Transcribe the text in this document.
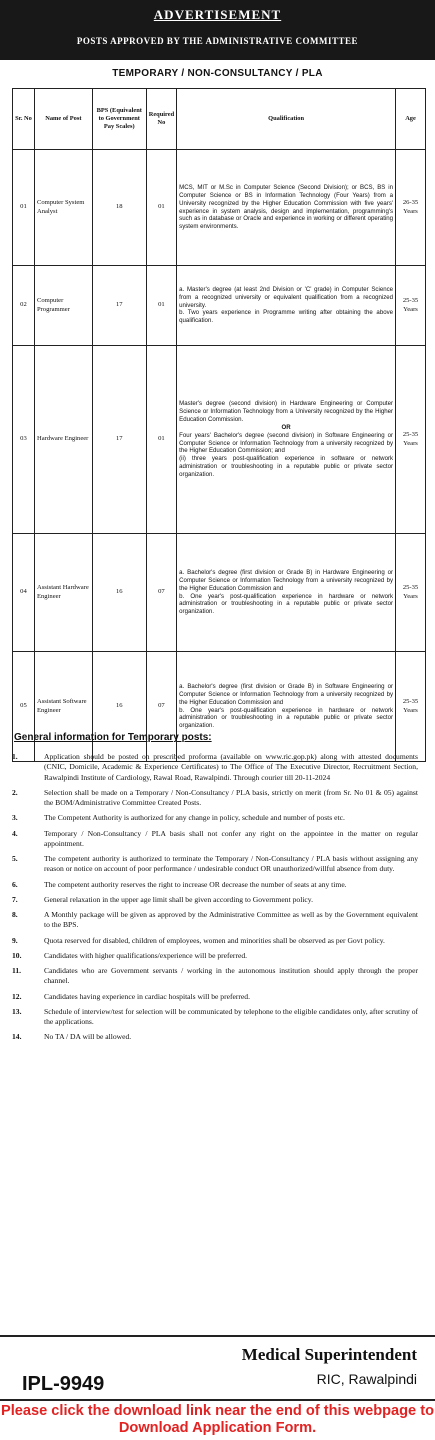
ADVERTISEMENT
POSTS APPROVED BY THE ADMINISTRATIVE COMMITTEE
TEMPORARY / NON-CONSULTANCY / PLA
Sr. No	Name of Post	BPS (Equivalent to Government Pay Scales)	Required No	Qualification	Age
01	Computer System Analyst	18	01	MCS, MIT or M.Sc in Computer Science (Second Division); or BCS, BS in Computer Science or BS in Information Technology (Four Years) from a University recognized by the Higher Education Commission with five years' experience in system analysis, design and implementation, programming's such as in database or Oracle and experience in working or different operating system environments.	26-35 Years
02	Computer Programmer	17	01	a. Master's degree (at least 2nd Division or 'C' grade) in Computer Science from a recognized university or equivalent qualification from a recognized university.
b. Two years experience in Programme writing after obtaining the above qualification.	25-35 Years
03	Hardware Engineer	17	01	Master's degree (second division) in Hardware Engineering or Computer Science or Information Technology from a University recognized by the Higher Education Commission.
OR
Four years' Bachelor's degree (second division) in Software Engineering or Computer Science or Information Technology from a university recognized by the Higher Education Commission; and
(ii) three years post-qualification experience in software or network administration or troubleshooting in a reputable public or private sector organization.	25-35 Years
04	Assistant Hardware Engineer	16	07	a. Bachelor's degree (first division or Grade B) in Hardware Engineering or Computer Science or Information Technology from a university recognized by the Higher Education Commission and
b. One year's post-qualification experience in hardware or network administration or troubleshooting in a reputable public or private sector organization.	25-35 Years
05	Assistant Software Engineer	16	07	a. Bachelor's degree (first division or Grade B) in Software Engineering or Computer Science or Information Technology from a university recognized by the Higher Education Commission and
b. One year's post-qualification experience in hardware or network administration or troubleshooting in a reputable public or private sector organization.	25-35 Years
General information for Temporary posts:
1.	Application should be posted on prescribed proforma (available on www.ric.gop.pk) along with attested documents (CNIC, Domicile, Academic & Experience Certificates) to The Office of The Executive Director, Recruitment Section, Rawalpindi Institute of Cardiology, Rawal Road, Rawalpindi. Through courier till 20-11-2024
2.	Selection shall be made on a Temporary / Non-Consultancy / PLA basis, strictly on merit (from Sr. No 01 & 05) against the BOM/Administrative Committee Created Posts.
3.	The Competent Authority is authorized for any change in policy, schedule and number of posts etc.
4.	Temporary / Non-Consultancy / PLA basis shall not confer any right on the appointee in the matter on regular appointment.
5.	The competent authority is authorized to terminate the Temporary / Non-Consultancy / PLA basis without assigning any reason or notice on account of poor performance / undesirable conduct OR unauthorized/willful absence from duty.
6.	The competent authority reserves the right to increase OR decrease the number of seats at any time.
7.	General relaxation in the upper age limit shall be given according to Government policy.
8.	A Monthly package will be given as approved by the Administrative Committee as well as by the Government equivalent to the BPS.
9.	Quota reserved for disabled, children of employees, women and minorities shall be observed as per Govt policy.
10.	Candidates with higher qualifications/experience will be preferred.
11.	Candidates who are Government servants / working in the autonomous institution should apply through the proper channel.
12.	Candidates having experience in cardiac hospitals will be preferred.
13.	Schedule of interview/test for selection will be communicated by telephone to the eligible candidates only, after scrutiny of the applications.
14.	No TA / DA will be allowed.
IPL-9949
Medical Superintendent
RIC, Rawalpindi
Please click the download link near the end of this webpage to Download Application Form.
